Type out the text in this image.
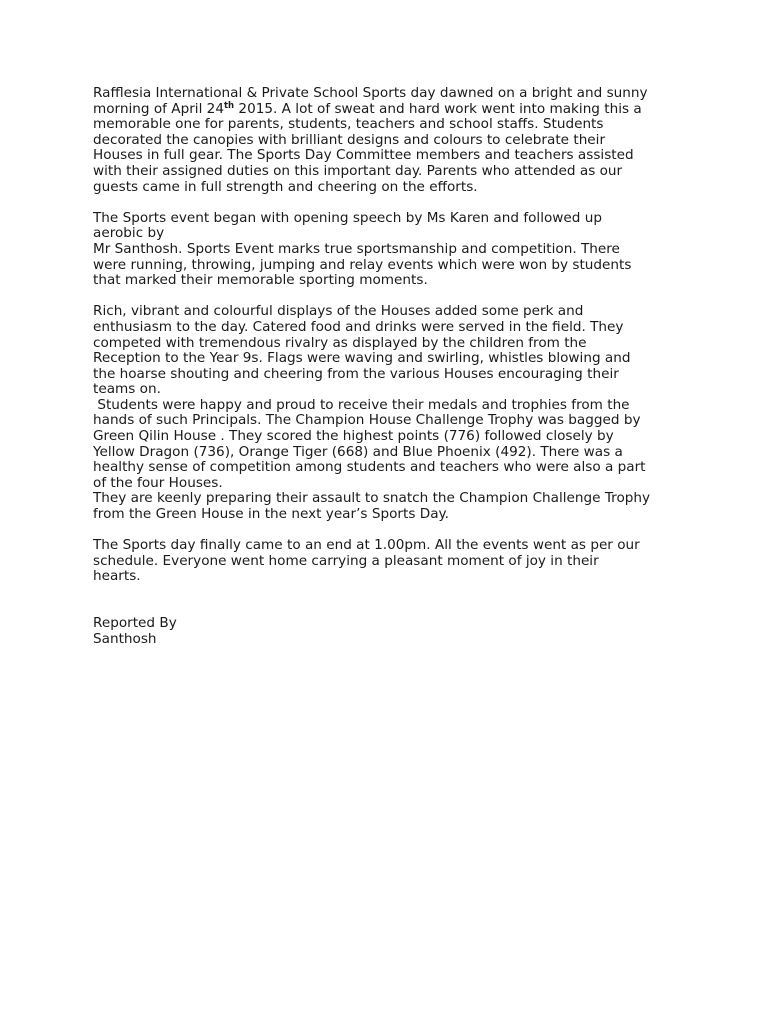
Rafflesia International & Private School Sports day dawned on a bright and sunny

morning of April 24th 2015. A lot of sweat and hard work went into making this a

memorable one for parents, students, teachers and school staffs. Students

decorated the canopies with brilliant designs and colours to celebrate their

Houses in full gear. The Sports Day Committee members and teachers assisted

with their assigned duties on this important day. Parents who attended as our

guests came in full strength and cheering on the efforts.

The Sports event began with opening speech by Ms Karen and followed up

aerobic by

Mr Santhosh. Sports Event marks true sportsmanship and competition. There

were running, throwing, jumping and relay events which were won by students

that marked their memorable sporting moments.

Rich, vibrant and colourful displays of the Houses added some perk and

enthusiasm to the day. Catered food and drinks were served in the field. They

competed with tremendous rivalry as displayed by the children from the

Reception to the Year 9s. Flags were waving and swirling, whistles blowing and

the hoarse shouting and cheering from the various Houses encouraging their

teams on.

Students were happy and proud to receive their medals and trophies from the

hands of such Principals. The Champion House Challenge Trophy was bagged by

Green Qilin House . They scored the highest points (776) followed closely by

Yellow Dragon (736), Orange Tiger (668) and Blue Phoenix (492). There was a

healthy sense of competition among students and teachers who were also a part

of the four Houses.

They are keenly preparing their assault to snatch the Champion Challenge Trophy

from the Green House in the next year’s Sports Day.

The Sports day finally came to an end at 1.00pm. All the events went as per our

schedule. Everyone went home carrying a pleasant moment of joy in their

hearts.

Reported By

Santhosh
